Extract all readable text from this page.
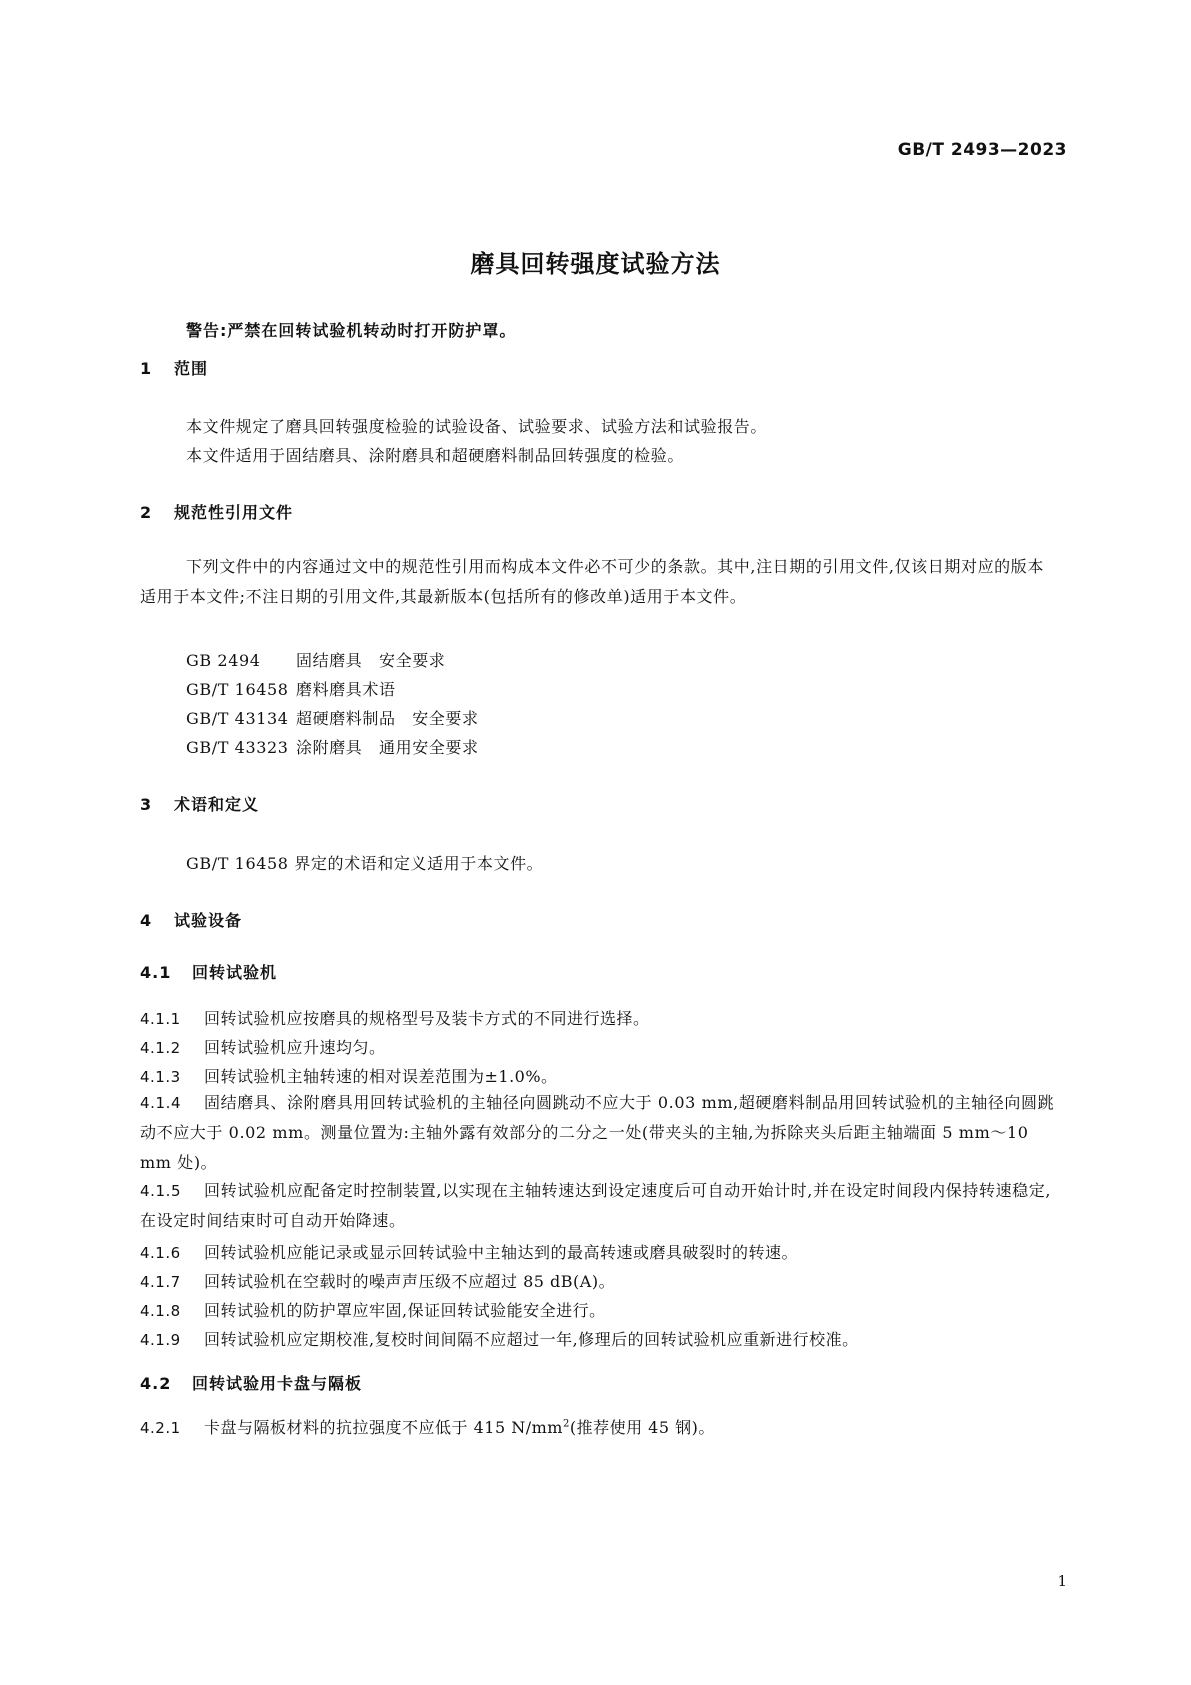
GB/T 2493—2023
磨具回转强度试验方法
警告:严禁在回转试验机转动时打开防护罩。
1 范围
本文件规定了磨具回转强度检验的试验设备、试验要求、试验方法和试验报告。
本文件适用于固结磨具、涂附磨具和超硬磨料制品回转强度的检验。
2 规范性引用文件
下列文件中的内容通过文中的规范性引用而构成本文件必不可少的条款。其中,注日期的引用文件,仅该日期对应的版本适用于本文件;不注日期的引用文件,其最新版本(包括所有的修改单)适用于本文件。
GB 2494 固结磨具　安全要求
GB/T 16458 磨料磨具术语
GB/T 43134 超硬磨料制品　安全要求
GB/T 43323 涂附磨具　通用安全要求
3 术语和定义
GB/T 16458 界定的术语和定义适用于本文件。
4 试验设备
4.1 回转试验机
4.1.1 回转试验机应按磨具的规格型号及装卡方式的不同进行选择。
4.1.2 回转试验机应升速均匀。
4.1.3 回转试验机主轴转速的相对误差范围为±1.0%。
4.1.4 固结磨具、涂附磨具用回转试验机的主轴径向圆跳动不应大于 0.03 mm,超硬磨料制品用回转试验机的主轴径向圆跳动不应大于 0.02 mm。测量位置为:主轴外露有效部分的二分之一处(带夹头的主轴,为拆除夹头后距主轴端面 5 mm～10 mm 处)。
4.1.5 回转试验机应配备定时控制装置,以实现在主轴转速达到设定速度后可自动开始计时,并在设定时间段内保持转速稳定,在设定时间结束时可自动开始降速。
4.1.6 回转试验机应能记录或显示回转试验中主轴达到的最高转速或磨具破裂时的转速。
4.1.7 回转试验机在空载时的噪声声压级不应超过 85 dB(A)。
4.1.8 回转试验机的防护罩应牢固,保证回转试验能安全进行。
4.1.9 回转试验机应定期校准,复校时间间隔不应超过一年,修理后的回转试验机应重新进行校准。
4.2 回转试验用卡盘与隔板
4.2.1 卡盘与隔板材料的抗拉强度不应低于 415 $N/mm^2$(推荐使用 45 钢)。
1
